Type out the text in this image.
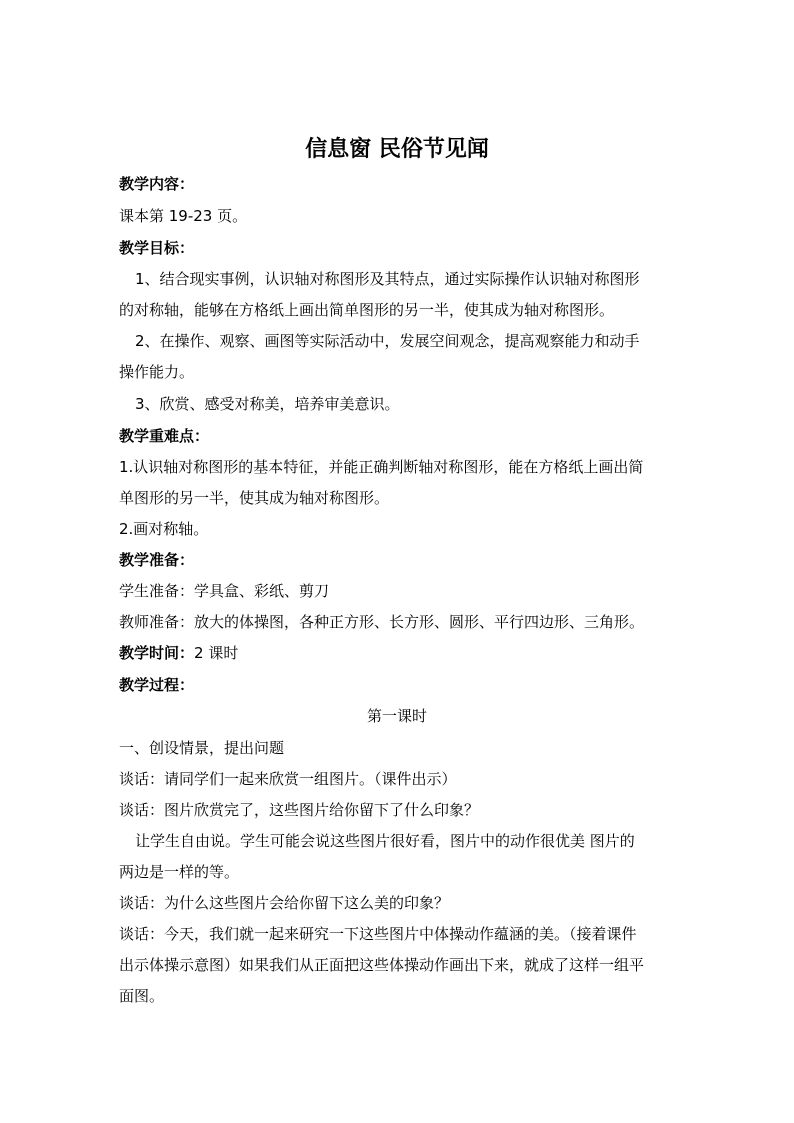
信息窗 民俗节见闻
教学内容：
课本第 19-23 页。
教学目标：
1、结合现实事例，认识轴对称图形及其特点，通过实际操作认识轴对称图形
的对称轴，能够在方格纸上画出简单图形的另一半，使其成为轴对称图形。
2、在操作、观察、画图等实际活动中，发展空间观念，提高观察能力和动手
操作能力。
3、欣赏、感受对称美，培养审美意识。
教学重难点：
1.认识轴对称图形的基本特征，并能正确判断轴对称图形，能在方格纸上画出简
单图形的另一半，使其成为轴对称图形。
2.画对称轴。
教学准备：
学生准备：学具盒、彩纸、剪刀
教师准备：放大的体操图，各种正方形、长方形、圆形、平行四边形、三角形。
教学时间：2 课时
教学过程：
第一课时
一、创设情景，提出问题
谈话：请同学们一起来欣赏一组图片。（课件出示）
谈话：图片欣赏完了，这些图片给你留下了什么印象？
让学生自由说。学生可能会说这些图片很好看，图片中的动作很优美 图片的
两边是一样的等。
谈话：为什么这些图片会给你留下这么美的印象？
谈话：今天，我们就一起来研究一下这些图片中体操动作蕴涵的美。（接着课件
出示体操示意图）如果我们从正面把这些体操动作画出下来，就成了这样一组平
面图。
